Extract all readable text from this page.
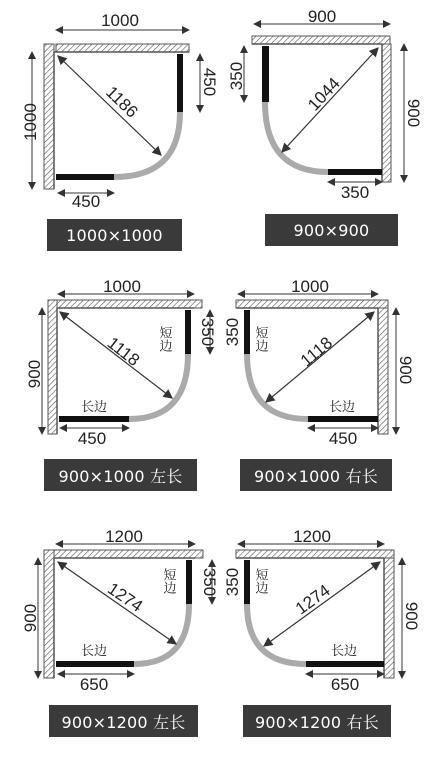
1000
1000
1186
450
450
1000×1000
900
900
1044
350
350
900×900
1000
900
1118
450
350
短边
长边
900×1000 左长
1000
900
1118
450
350 短边
长边
900×1000 右长
1200
900
1274
650
350
短边
长边
900×1200 左长
1200
900
1274
650
350 短边
长边
900×1200 右长
